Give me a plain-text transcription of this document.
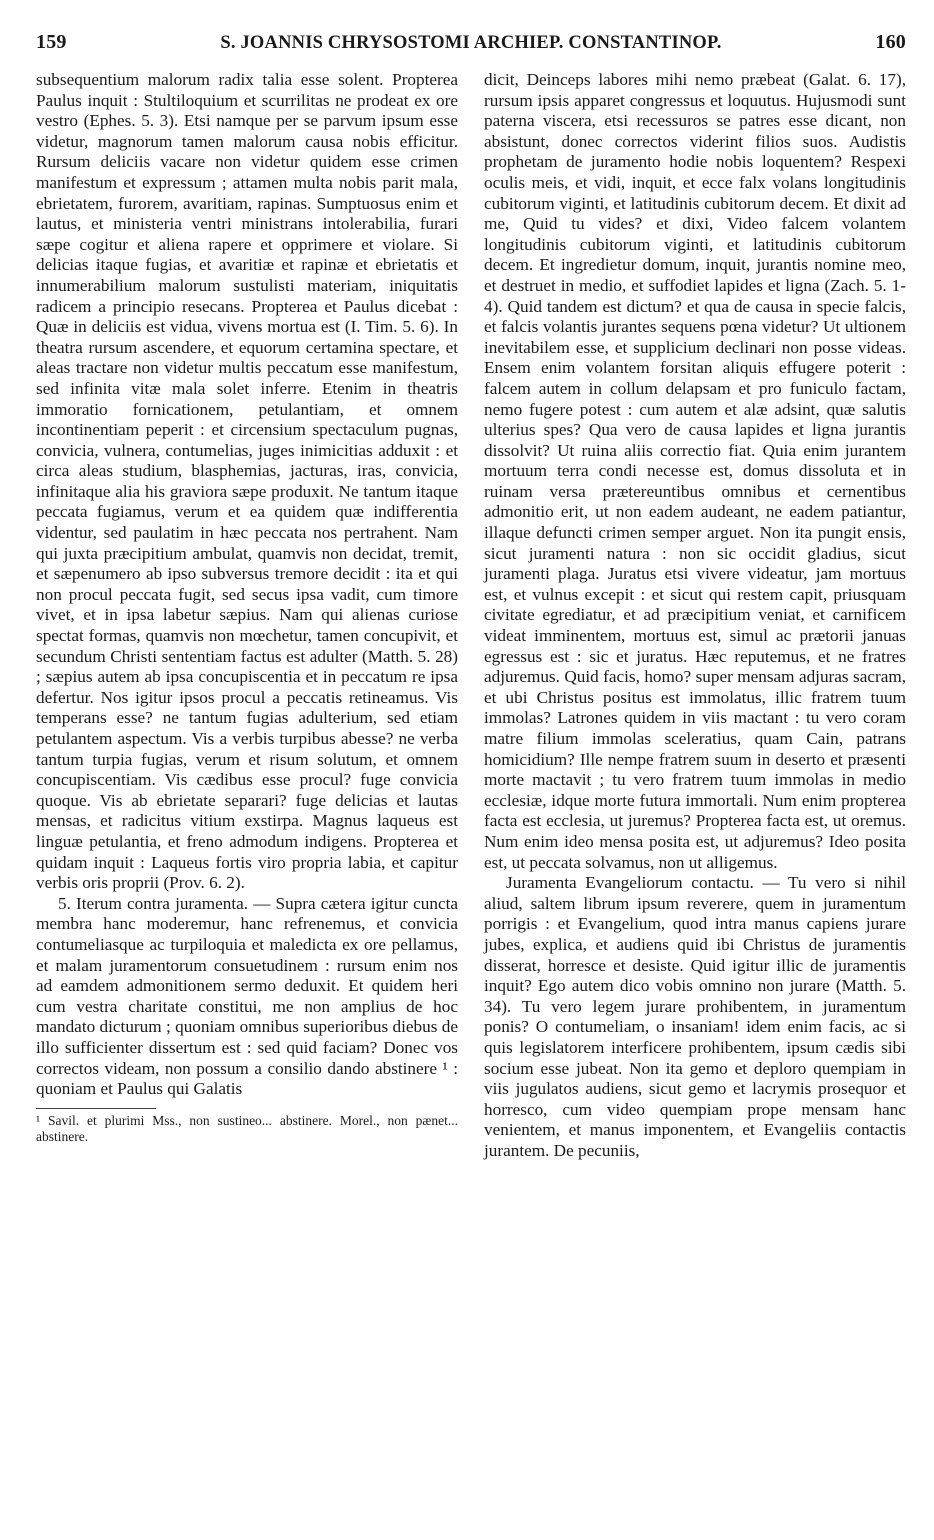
159	S. JOANNIS CHRYSOSTOMI ARCHIEP. CONSTANTINOP.	160

subsequentium malorum radix talia esse solent. Propterea Paulus inquit : Stultiloquium et scurrilitas ne prodeat ex ore vestro (Ephes. 5. 3). Etsi namque per se parvum ipsum esse videtur, magnorum tamen malorum causa nobis efficitur. Rursum deliciis vacare non videtur quidem esse crimen manifestum et expressum ; attamen multa nobis parit mala, ebrietatem, furorem, avaritiam, rapinas. Sumptuosus enim et lautus, et ministeria ventri ministrans intolerabilia, furari sæpe cogitur et aliena rapere et opprimere et violare. Si delicias itaque fugias, et avaritiæ et rapinæ et ebrietatis et innumerabilium malorum sustulisti materiam, iniquitatis radicem a principio resecans. Propterea et Paulus dicebat : Quæ in deliciis est vidua, vivens mortua est (I. Tim. 5. 6). In theatra rursum ascendere, et equorum certamina spectare, et aleas tractare non videtur multis peccatum esse manifestum, sed infinita vitæ mala solet inferre. Etenim in theatris immoratio fornicationem, petulantiam, et omnem incontinentiam peperit : et circensium spectaculum pugnas, convicia, vulnera, contumelias, juges inimicitias adduxit : et circa aleas studium, blasphemias, jacturas, iras, convicia, infinitaque alia his graviora sæpe produxit. Ne tantum itaque peccata fugiamus, verum et ea quidem quæ indifferentia videntur, sed paulatim in hæc peccata nos pertrahent. Nam qui juxta præcipitium ambulat, quamvis non decidat, tremit, et sæpenumero ab ipso subversus tremore decidit : ita et qui non procul peccata fugit, sed secus ipsa vadit, cum timore vivet, et in ipsa labetur sæpius. Nam qui alienas curiose spectat formas, quamvis non mœchetur, tamen concupivit, et secundum Christi sententiam factus est adulter (Matth. 5. 28) ; sæpius autem ab ipsa concupiscentia et in peccatum re ipsa defertur. Nos igitur ipsos procul a peccatis retineamus. Vis temperans esse? ne tantum fugias adulterium, sed etiam petulantem aspectum. Vis a verbis turpibus abesse? ne verba tantum turpia fugias, verum et risum solutum, et omnem concupiscentiam. Vis cædibus esse procul? fuge convicia quoque. Vis ab ebrietate separari? fuge delicias et lautas mensas, et radicitus vitium exstirpa. Magnus laqueus est linguæ petulantia, et freno admodum indigens. Propterea et quidam inquit : Laqueus fortis viro propria labia, et capitur verbis oris proprii (Prov. 6. 2).

5. Iterum contra juramenta. — Supra cætera igitur cuncta membra hanc moderemur, hanc refrenemus, et convicia contumeliasque ac turpiloquia et maledicta ex ore pellamus, et malam juramentorum consuetudinem : rursum enim nos ad eamdem admonitionem sermo deduxit. Et quidem heri cum vestra charitate constitui, me non amplius de hoc mandato dicturum ; quoniam omnibus superioribus diebus de illo sufficienter dissertum est : sed quid faciam? Donec vos correctos videam, non possum a consilio dando abstinere ¹ : quoniam et Paulus qui Galatis

¹ Savil. et plurimi Mss., non sustineo... abstinere. Morel., non pænet... abstinere.

dicit, Deinceps labores mihi nemo præbeat (Galat. 6. 17), rursum ipsis apparet congressus et loquutus. Hujusmodi sunt paterna viscera, etsi recessuros se patres esse dicant, non absistunt, donec correctos viderint filios suos. Audistis prophetam de juramento hodie nobis loquentem? Respexi oculis meis, et vidi, inquit, et ecce falx volans longitudinis cubitorum viginti, et latitudinis cubitorum decem. Et dixit ad me, Quid tu vides? et dixi, Video falcem volantem longitudinis cubitorum viginti, et latitudinis cubitorum decem. Et ingredietur domum, inquit, jurantis nomine meo, et destruet in medio, et suffodiet lapides et ligna (Zach. 5. 1-4). Quid tandem est dictum? et qua de causa in specie falcis, et falcis volantis jurantes sequens pœna videtur? Ut ultionem inevitabilem esse, et supplicium declinari non posse videas. Ensem enim volantem forsitan aliquis effugere poterit : falcem autem in collum delapsam et pro funiculo factam, nemo fugere potest : cum autem et alæ adsint, quæ salutis ulterius spes? Qua vero de causa lapides et ligna jurantis dissolvit? Ut ruina aliis correctio fiat. Quia enim jurantem mortuum terra condi necesse est, domus dissoluta et in ruinam versa prætereuntibus omnibus et cernentibus admonitio erit, ut non eadem audeant, ne eadem patiantur, illaque defuncti crimen semper arguet. Non ita pungit ensis, sicut juramenti natura : non sic occidit gladius, sicut juramenti plaga. Juratus etsi vivere videatur, jam mortuus est, et vulnus excepit : et sicut qui restem capit, priusquam civitate egrediatur, et ad præcipitium veniat, et carnificem videat imminentem, mortuus est, simul ac prætorii januas egressus est : sic et juratus. Hæc reputemus, et ne fratres adjuremus. Quid facis, homo? super mensam adjuras sacram, et ubi Christus positus est immolatus, illic fratrem tuum immolas? Latrones quidem in viis mactant : tu vero coram matre filium immolas sceleratius, quam Cain, patrans homicidium? Ille nempe fratrem suum in deserto et præsenti morte mactavit ; tu vero fratrem tuum immolas in medio ecclesiæ, idque morte futura immortali. Num enim propterea facta est ecclesia, ut juremus? Propterea facta est, ut oremus. Num enim ideo mensa posita est, ut adjuremus? Ideo posita est, ut peccata solvamus, non ut alligemus.

Juramenta Evangeliorum contactu. — Tu vero si nihil aliud, saltem librum ipsum reverere, quem in juramentum porrigis : et Evangelium, quod intra manus capiens jurare jubes, explica, et audiens quid ibi Christus de juramentis disserat, horresce et desiste. Quid igitur illic de juramentis inquit? Ego autem dico vobis omnino non jurare (Matth. 5. 34). Tu vero legem jurare prohibentem, in juramentum ponis? O contumeliam, o insaniam! idem enim facis, ac si quis legislatorem interficere prohibentem, ipsum cædis sibi socium esse jubeat. Non ita gemo et deploro quempiam in viis jugulatos audiens, sicut gemo et lacrymis prosequor et horresco, cum video quempiam prope mensam hanc venientem, et manus imponentem, et Evangeliis contactis jurantem. De pecuniis,
